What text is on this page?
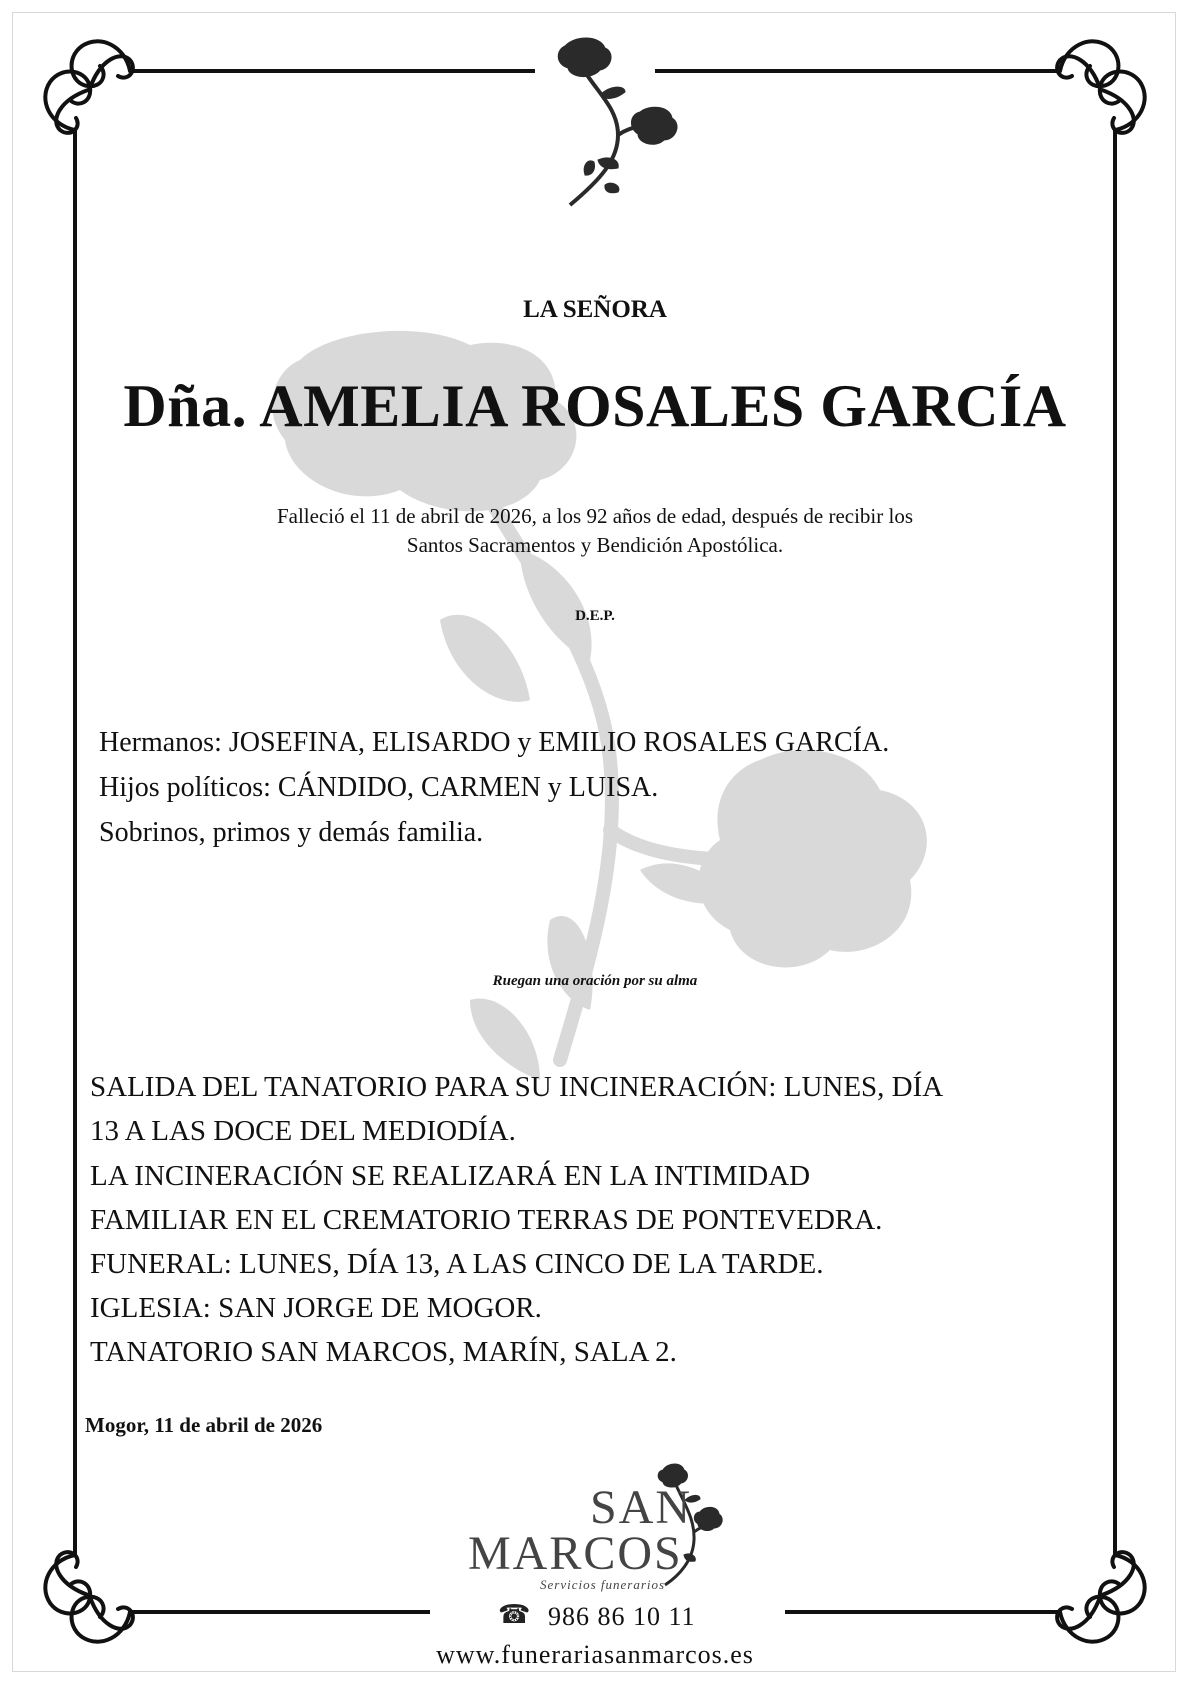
LA SEÑORA
Dña. AMELIA ROSALES GARCÍA
Falleció el 11 de abril de 2026, a los 92 años de edad, después de recibir los
Santos Sacramentos y Bendición Apostólica.
D.E.P.
Hermanos: JOSEFINA, ELISARDO y EMILIO ROSALES GARCÍA.
Hijos políticos: CÁNDIDO, CARMEN y LUISA.
Sobrinos, primos y demás familia.
Ruegan una oración por su alma
SALIDA DEL TANATORIO PARA SU INCINERACIÓN: LUNES, DÍA
13 A LAS DOCE DEL MEDIODÍA.
LA INCINERACIÓN SE REALIZARÁ EN LA INTIMIDAD
FAMILIAR EN EL CREMATORIO TERRAS DE PONTEVEDRA.
FUNERAL: LUNES, DÍA 13, A LAS CINCO DE LA TARDE.
IGLESIA: SAN JORGE DE MOGOR.
TANATORIO SAN MARCOS, MARÍN, SALA 2.
Mogor, 11 de abril de 2026
SAN
MARCOS
Servicios funerarios
☎ 986 86 10 11
www.funerariasanmarcos.es
